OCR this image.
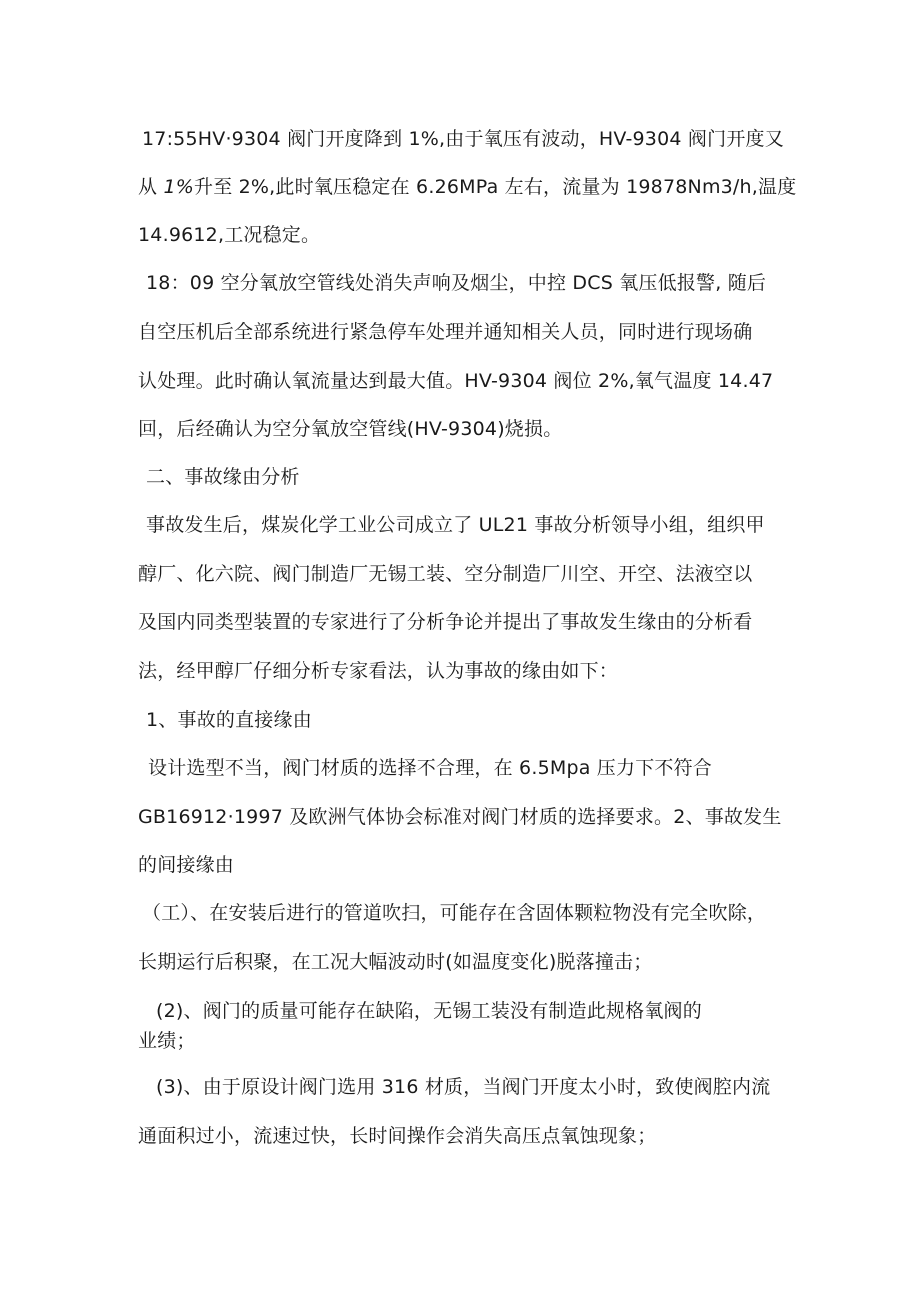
17:55HV·9304 阀门开度降到 1%,由于氧压有波动，HV-9304 阀门开度又
从 1%升至 2%,此时氧压稳定在 6.26MPa 左右，流量为 19878Nm3∕h,温度
14.9612,工况稳定。
18：09 空分氧放空管线处消失声响及烟尘，中控 DCS 氧压低报警, 随后
自空压机后全部系统进行紧急停车处理并通知相关人员，同时进行现场确
认处理。此时确认氧流量达到最大值。HV-9304 阀位 2%,氧气温度 14.47
回，后经确认为空分氧放空管线(HV-9304)烧损。
二、事故缘由分析
事故发生后，煤炭化学工业公司成立了 UL21 事故分析领导小组，组织甲
醇厂、化六院、阀门制造厂无锡工装、空分制造厂川空、开空、法液空以
及国内同类型装置的专家进行了分析争论并提出了事故发生缘由的分析看
法，经甲醇厂仔细分析专家看法，认为事故的缘由如下：
1、事故的直接缘由
设计选型不当，阀门材质的选择不合理，在 6.5Mpa 压力下不符合
GB16912·1997 及欧洲气体协会标准对阀门材质的选择要求。2、事故发生
的间接缘由
（工）、在安装后进行的管道吹扫，可能存在含固体颗粒物没有完全吹除，
长期运行后积聚，在工况大幅波动时(如温度变化)脱落撞击；
(2)、阀门的质量可能存在缺陷，无锡工装没有制造此规格氧阀的
业绩；
(3)、由于原设计阀门选用 316 材质，当阀门开度太小时，致使阀腔内流
通面积过小，流速过快，长时间操作会消失高压点氧蚀现象；
